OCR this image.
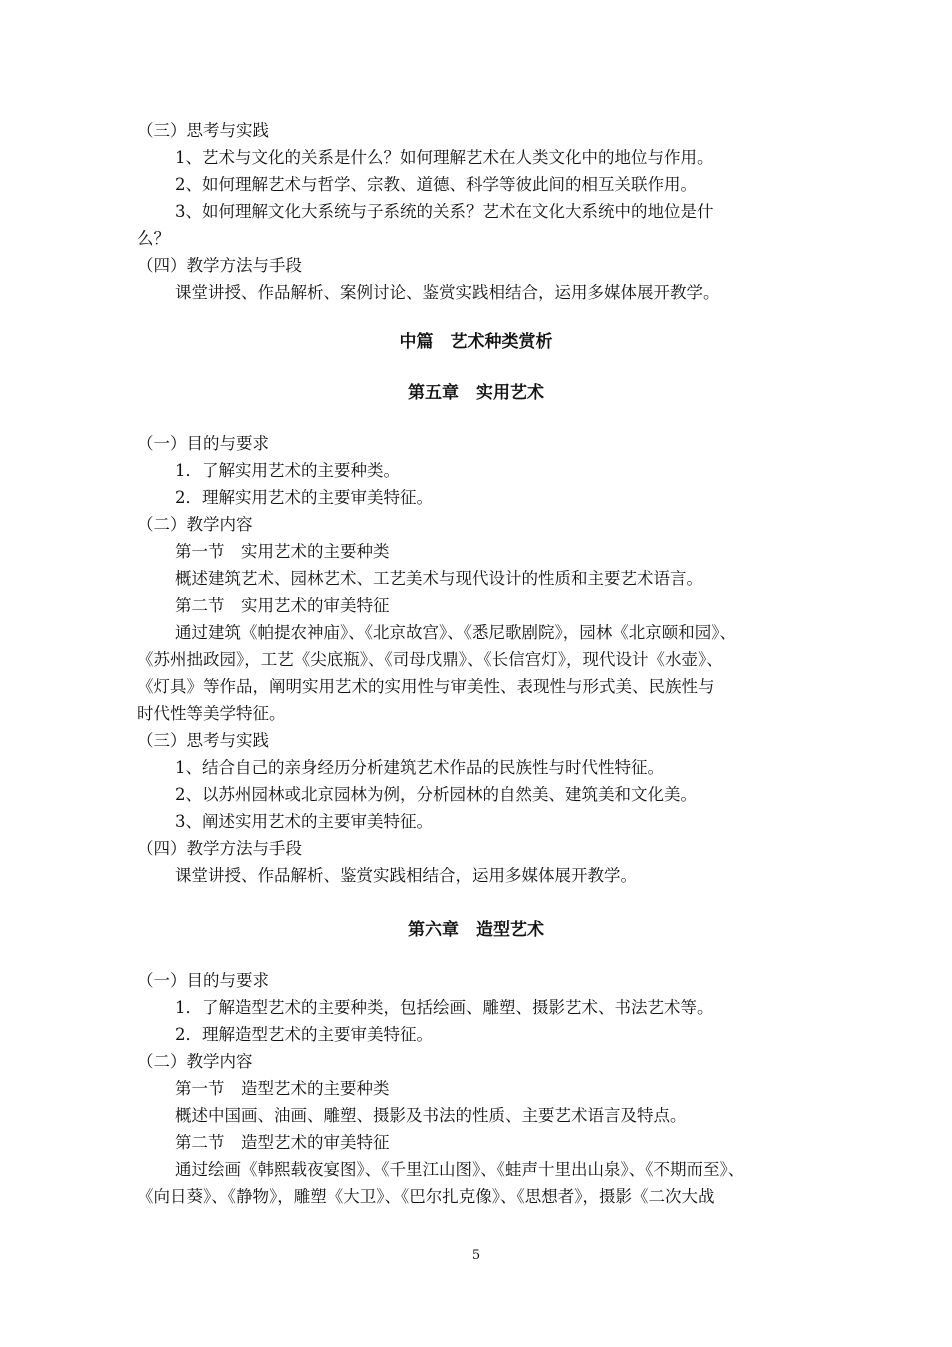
（三）思考与实践
1、艺术与文化的关系是什么？如何理解艺术在人类文化中的地位与作用。
2、如何理解艺术与哲学、宗教、道德、科学等彼此间的相互关联作用。
3、如何理解文化大系统与子系统的关系？艺术在文化大系统中的地位是什
么？
（四）教学方法与手段
课堂讲授、作品解析、案例讨论、鉴赏实践相结合，运用多媒体展开教学。
中篇　艺术种类赏析
第五章　实用艺术
（一）目的与要求
1．了解实用艺术的主要种类。
2．理解实用艺术的主要审美特征。
（二）教学内容
第一节　实用艺术的主要种类
概述建筑艺术、园林艺术、工艺美术与现代设计的性质和主要艺术语言。
第二节　实用艺术的审美特征
通过建筑《帕提农神庙》、《北京故宫》、《悉尼歌剧院》，园林《北京颐和园》、
《苏州拙政园》，工艺《尖底瓶》、《司母戊鼎》、《长信宫灯》，现代设计《水壶》、
《灯具》等作品，阐明实用艺术的实用性与审美性、表现性与形式美、民族性与
时代性等美学特征。
（三）思考与实践
1、结合自己的亲身经历分析建筑艺术作品的民族性与时代性特征。
2、以苏州园林或北京园林为例，分析园林的自然美、建筑美和文化美。
3、阐述实用艺术的主要审美特征。
（四）教学方法与手段
课堂讲授、作品解析、鉴赏实践相结合，运用多媒体展开教学。
第六章　造型艺术
（一）目的与要求
1．了解造型艺术的主要种类，包括绘画、雕塑、摄影艺术、书法艺术等。
2．理解造型艺术的主要审美特征。
（二）教学内容
第一节　造型艺术的主要种类
概述中国画、油画、雕塑、摄影及书法的性质、主要艺术语言及特点。
第二节　造型艺术的审美特征
通过绘画《韩熙载夜宴图》、《千里江山图》、《蛙声十里出山泉》、《不期而至》、
《向日葵》、《静物》，雕塑《大卫》、《巴尔扎克像》、《思想者》，摄影《二次大战
5
